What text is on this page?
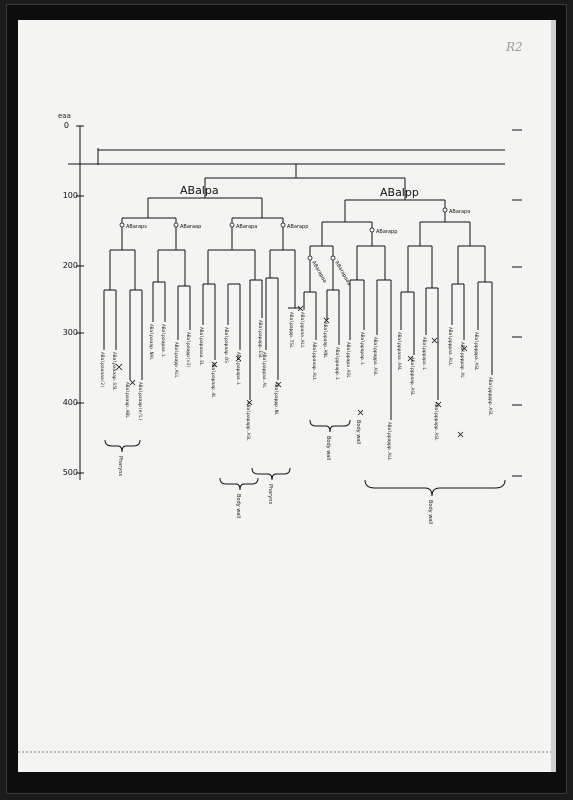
R2
eaa
0
100
200
300
400
500
ABalpa	ABalpp
ABaraps	ABaraap	ABarapa	ABarapp
ABarapp
ABarapa
ABarapaa ABarapaaa
ABalpaaaaa(2) ABalpaaaap.S5L
ABalpaaap.ABL ABalpaaap(e/L)
ABalpaaap.NAL ABalpaapaa.L
ABalpaapp.ALL ABalpaapp(v3) ABalpapaaaa.EL
ABalpapaap.4L
ABalpapaap.DS
ABalpapapa.L
ABalpapapp.ASL
ABalpapapp.ESL
ABalpappaa.AL
ABalpappp.NL
ABalpappp.TSL ABalppaaa.ALL
ABalppaaap.ALL
ABalppaap.ANL
ABalppaapp.L ABalppapa.ASL ABalppapap.L ABalppappa.ASL
ABalppappp.ALL
ABalpppaaa.AAL
ABalpppaap.ASL
ABalpppapa.L
ABalpppapp.ASL
ABalppppaa.ALL ABalppppap.AL ABalpppppa.ASL
ABalpppppp.ASL
Pharynx
Body wall	Pharynx
Body wall
Body wall
Body wall
